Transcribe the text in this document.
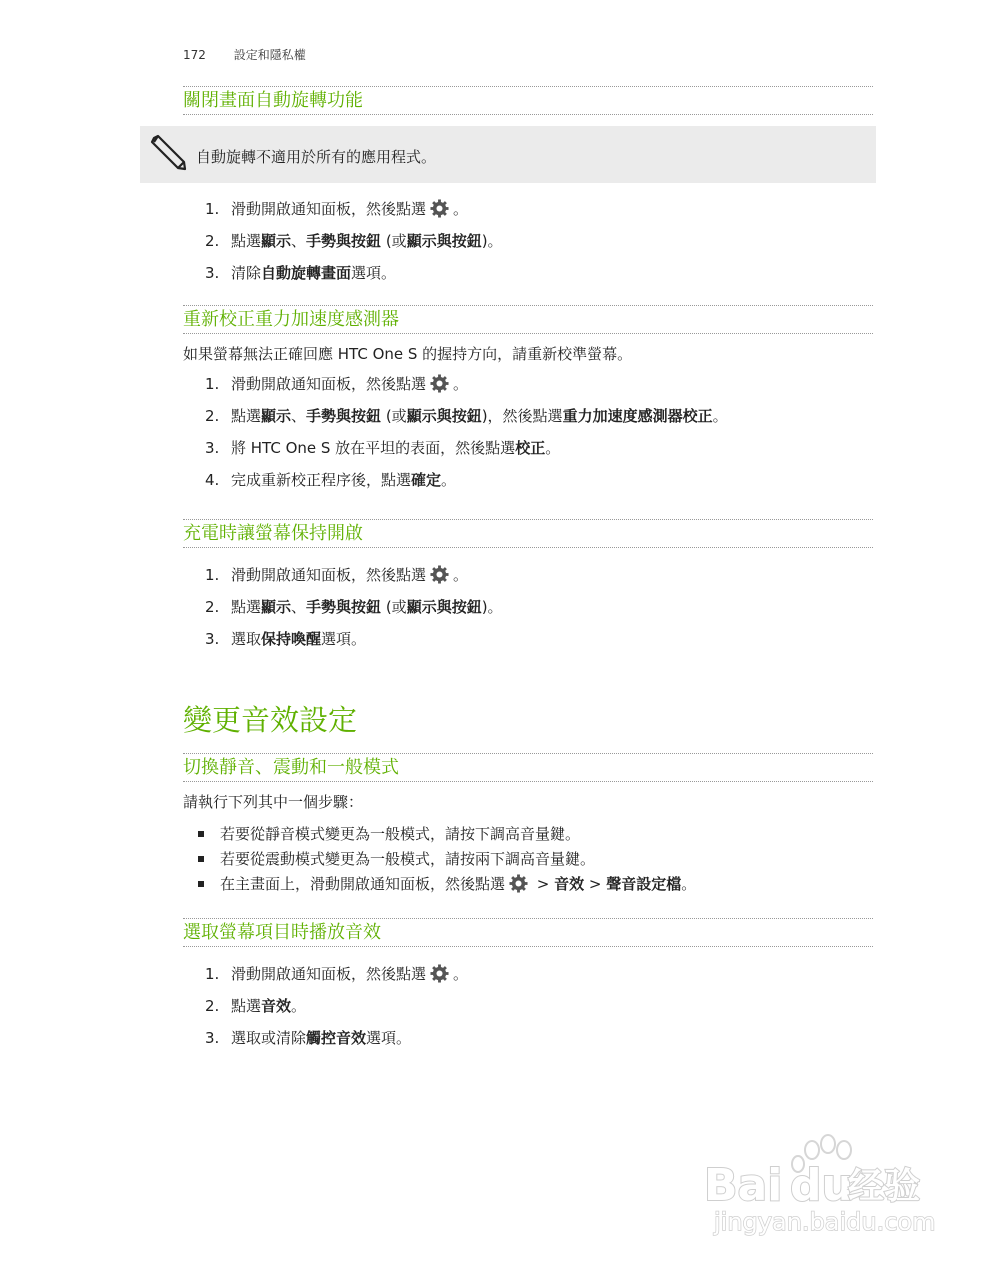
172 設定和隱私權
關閉畫面自動旋轉功能
自動旋轉不適用於所有的應用程式。
1. 滑動開啟通知面板，然後點選 。
2. 點選顯示、手勢與按鈕 (或顯示與按鈕)。
3. 清除自動旋轉畫面選項。
重新校正重力加速度感測器
如果螢幕無法正確回應 HTC One S 的握持方向，請重新校準螢幕。
1. 滑動開啟通知面板，然後點選 。
2. 點選顯示、手勢與按鈕 (或顯示與按鈕)，然後點選重力加速度感測器校正。
3. 將 HTC One S 放在平坦的表面，然後點選校正。
4. 完成重新校正程序後，點選確定。
充電時讓螢幕保持開啟
1. 滑動開啟通知面板，然後點選 。
2. 點選顯示、手勢與按鈕 (或顯示與按鈕)。
3. 選取保持喚醒選項。
變更音效設定
切換靜音、震動和一般模式
請執行下列其中一個步驟：
若要從靜音模式變更為一般模式，請按下調高音量鍵。
若要從震動模式變更為一般模式，請按兩下調高音量鍵。
在主畫面上，滑動開啟通知面板，然後點選 > 音效 > 聲音設定檔。
選取螢幕項目時播放音效
1. 滑動開啟通知面板，然後點選 。
2. 點選音效。
3. 選取或清除觸控音效選項。
Bai du
经验
jingyan.baidu.com
